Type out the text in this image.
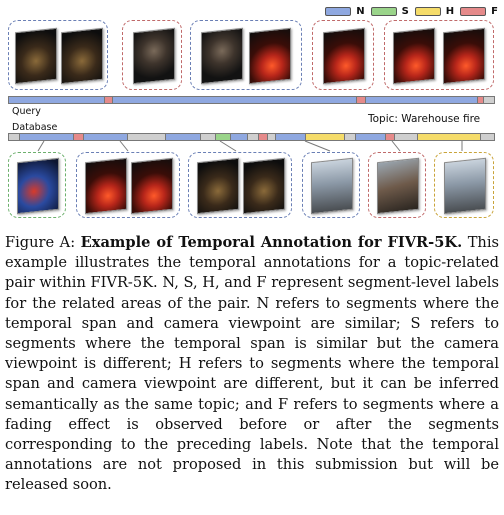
N	S	H	F
Query
Database
Topic: Warehouse fire
Figure A: Example of Temporal Annotation for FIVR-5K. This example illustrates the temporal annotations for a topic-related pair within FIVR-5K. N, S, H, and F represent segment-level labels for the related areas of the pair. N refers to segments where the temporal span and camera viewpoint are similar; S refers to segments where the temporal span is similar but the camera viewpoint is different; H refers to segments where the temporal span and camera viewpoint are different, but it can be inferred semantically as the same topic; and F refers to segments where a fading effect is observed before or after the segments corresponding to the preceding labels. Note that the temporal annotations are not proposed in this submission but will be released soon.
